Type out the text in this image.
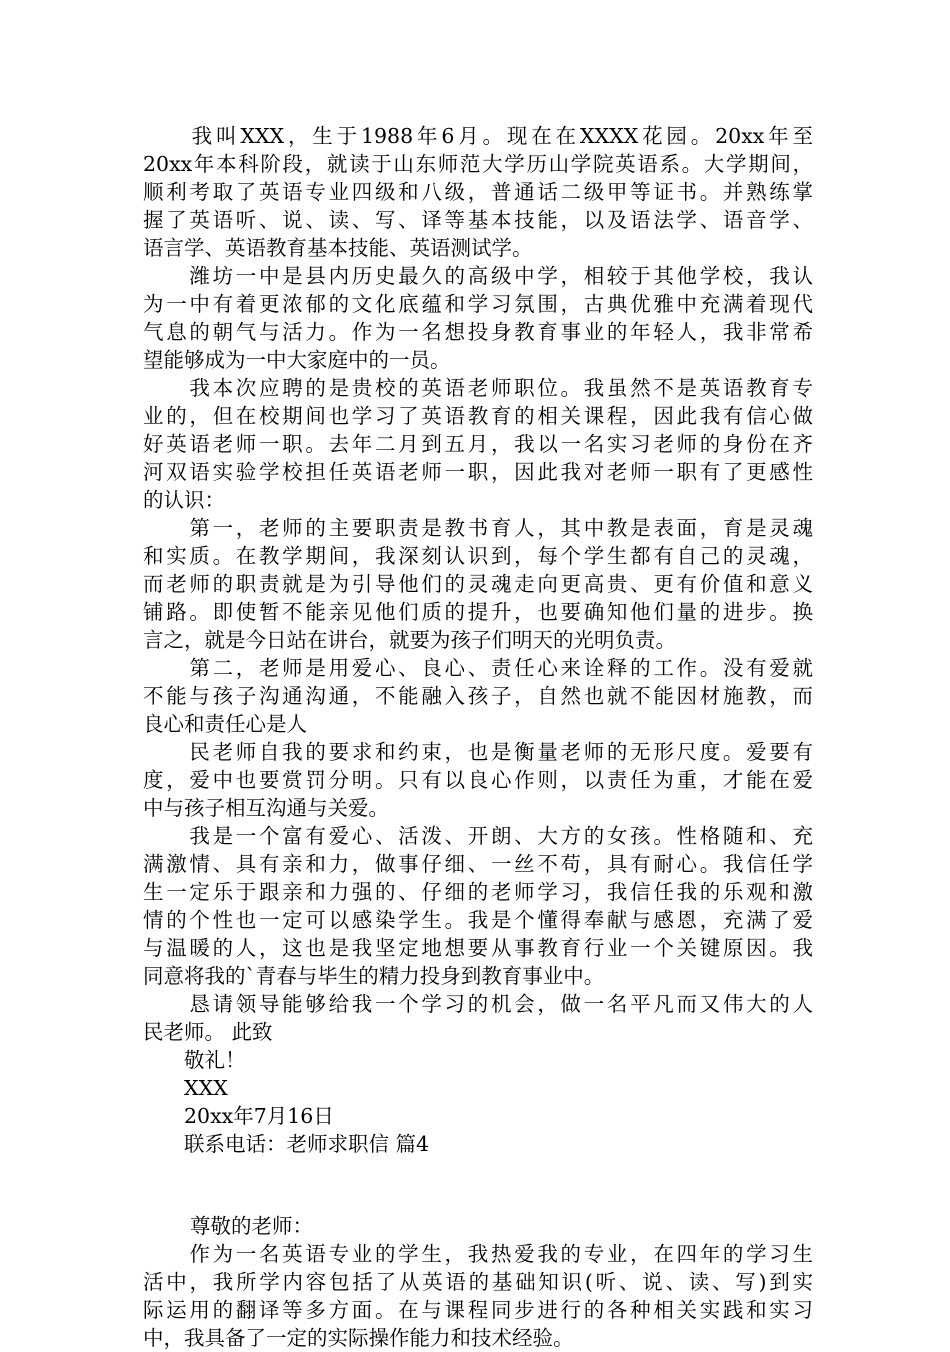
　　我叫XXX，生于1988年6月。现在在XXXX花园。20xx年至
20xx年本科阶段，就读于山东师范大学历山学院英语系。大学期间，
顺利考取了英语专业四级和八级，普通话二级甲等证书。并熟练掌
握了英语听、说、读、写、译等基本技能，以及语法学、语音学、
语言学、英语教育基本技能、英语测试学。
　　潍坊一中是县内历史最久的高级中学，相较于其他学校，我认
为一中有着更浓郁的文化底蕴和学习氛围，古典优雅中充满着现代
气息的朝气与活力。作为一名想投身教育事业的年轻人，我非常希
望能够成为一中大家庭中的一员。
　　我本次应聘的是贵校的英语老师职位。我虽然不是英语教育专
业的，但在校期间也学习了英语教育的相关课程，因此我有信心做
好英语老师一职。去年二月到五月，我以一名实习老师的身份在齐
河双语实验学校担任英语老师一职，因此我对老师一职有了更感性
的认识：
　　第一，老师的主要职责是教书育人，其中教是表面，育是灵魂
和实质。在教学期间，我深刻认识到，每个学生都有自己的灵魂，
而老师的职责就是为引导他们的灵魂走向更高贵、更有价值和意义
铺路。即使暂不能亲见他们质的提升，也要确知他们量的进步。换
言之，就是今日站在讲台，就要为孩子们明天的光明负责。
　　第二，老师是用爱心、良心、责任心来诠释的工作。没有爱就
不能与孩子沟通沟通，不能融入孩子，自然也就不能因材施教，而
良心和责任心是人
　　民老师自我的要求和约束，也是衡量老师的无形尺度。爱要有
度，爱中也要赏罚分明。只有以良心作则，以责任为重，才能在爱
中与孩子相互沟通与关爱。
　　我是一个富有爱心、活泼、开朗、大方的女孩。性格随和、充
满激情、具有亲和力，做事仔细、一丝不苟，具有耐心。我信任学
生一定乐于跟亲和力强的、仔细的老师学习，我信任我的乐观和激
情的个性也一定可以感染学生。我是个懂得奉献与感恩，充满了爱
与温暖的人，这也是我坚定地想要从事教育行业一个关键原因。我
同意将我的`青春与毕生的精力投身到教育事业中。
　　恳请领导能够给我一个学习的机会，做一名平凡而又伟大的人
民老师。 此致
　　敬礼！
　　XXX
　　20xx年7月16日
　　联系电话：老师求职信 篇4
　　尊敬的老师：
　　作为一名英语专业的学生，我热爱我的专业，在四年的学习生
活中，我所学内容包括了从英语的基础知识(听、说、读、写)到实
际运用的翻译等多方面。在与课程同步进行的各种相关实践和实习
中，我具备了一定的实际操作能力和技术经验。
